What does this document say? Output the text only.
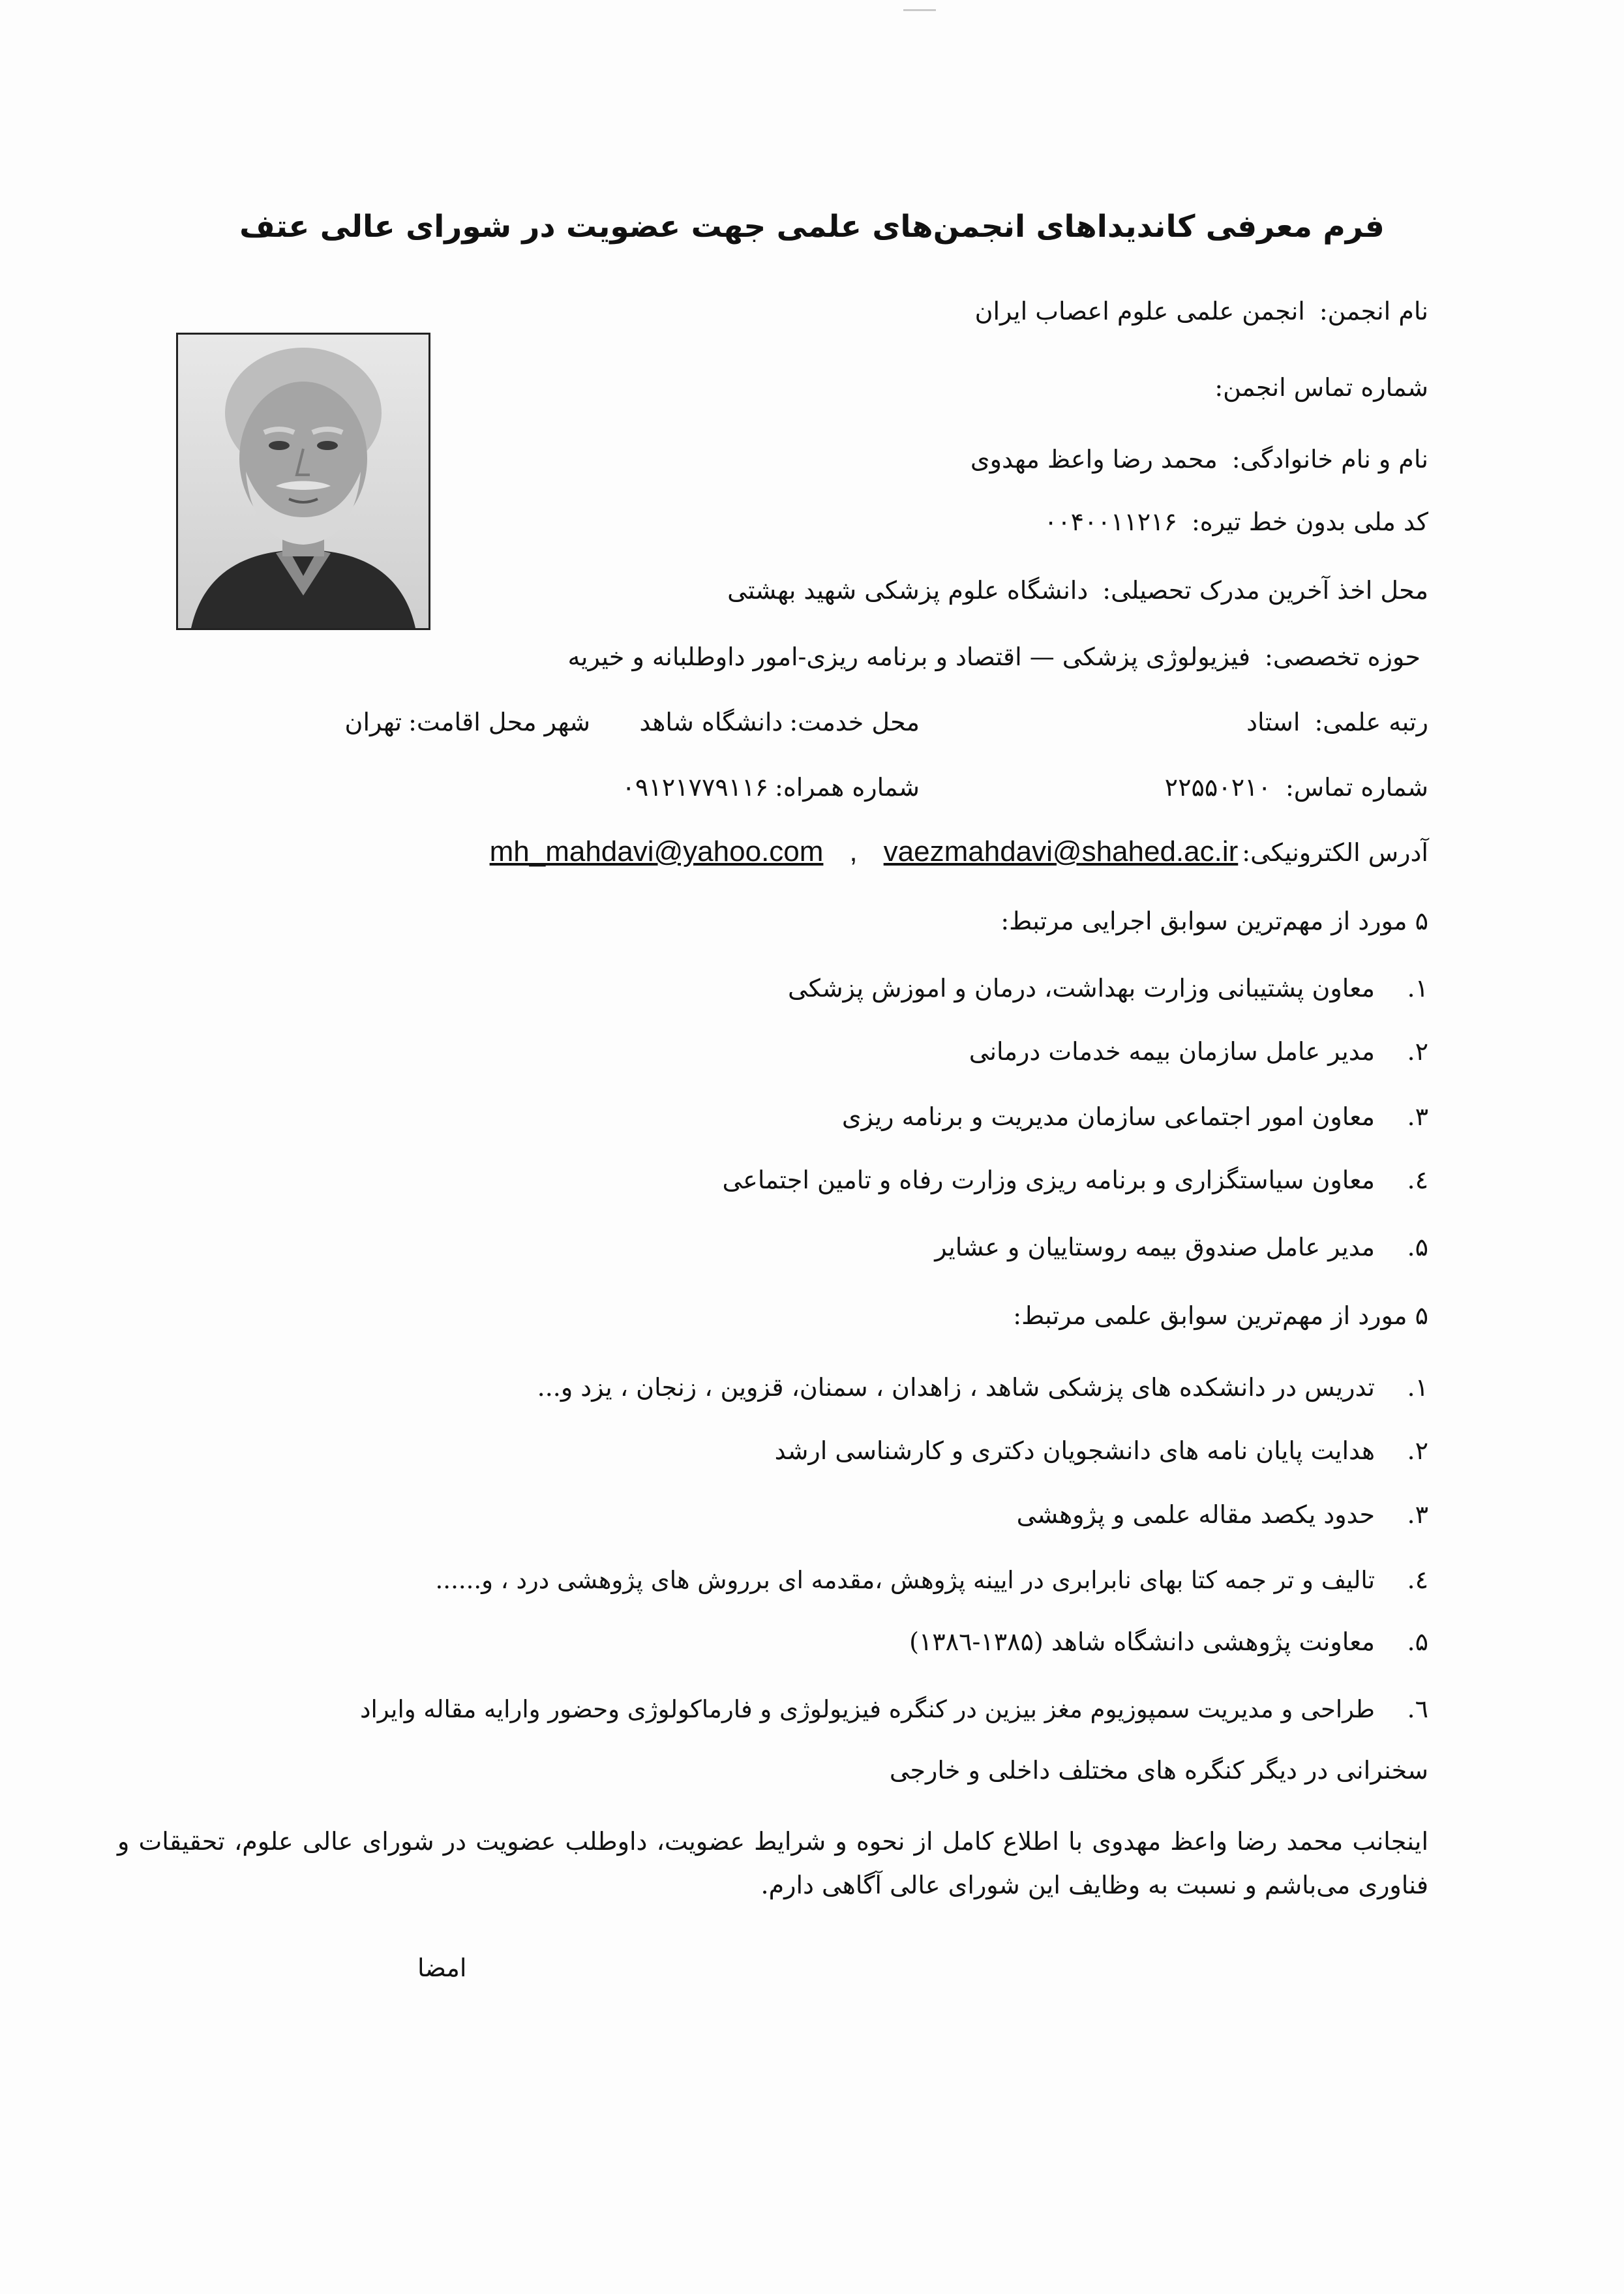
فرم معرفی کاندیداهای انجمن‌های علمی جهت عضویت در شورای عالی عتف
نام انجمن:انجمن علمی علوم اعصاب ایران
شماره تماس انجمن:
نام و نام خانوادگی:محمد رضا واعظ مهدوی
کد ملی بدون خط تیره:۰۰۴۰۰۱۱۲۱۶
محل اخذ آخرین مدرک تحصیلی:دانشگاه علوم پزشکی شهید بهشتی
حوزه تخصصی:فیزیولوژی پزشکی — اقتصاد و برنامه ریزی-امور داوطلبانه و خیریه
رتبه علمی:استاد
محل خدمت:دانشگاه شاهد
شهر محل اقامت:تهران
شماره تماس:۲۲۵۵۰۲۱۰
شماره همراه:۰۹۱۲۱۷۷۹۱۱۶
آدرس الکترونیکی:mh_mahdavi@yahoo.com , vaezmahdavi@shahed.ac.ir
۵ مورد از مهم‌ترین سوابق اجرایی مرتبط:
۱.معاون پشتیبانی وزارت بهداشت، درمان و اموزش پزشکی
۲.مدیر عامل سازمان بیمه خدمات درمانی
۳.معاون امور اجتماعی سازمان مدیریت و برنامه ریزی
٤.معاون سیاستگزاری و برنامه ریزی وزارت رفاه و تامین اجتماعی
۵.مدیر عامل صندوق بیمه روستاییان و عشایر
۵ مورد از مهم‌ترین سوابق علمی مرتبط:
۱.تدریس در دانشکده های پزشکی شاهد ، زاهدان ، سمنان، قزوین ، زنجان ، یزد و...
۲.هدایت پایان نامه های دانشجویان دکتری و کارشناسی ارشد
۳.حدود یکصد مقاله علمی و پژوهشی
٤.تالیف و تر جمه کتا بهای نابرابری در ایینه پژوهش ،مقدمه ای برروش های پژوهشی درد ، و......
۵.معاونت پژوهشی دانشگاه شاهد (۱۳۸۵-۱۳۸٦)
٦.طراحی و مدیریت سمپوزیوم مغز بیزین در کنگره فیزیولوژی و فارماکولوژی وحضور وارایه مقاله وایراد
سخنرانی در دیگر کنگره های مختلف داخلی و خارجی
اینجانب محمد رضا واعظ مهدوی با اطلاع کامل از نحوه و شرایط عضویت، داوطلب عضویت در شورای عالی علوم، تحقیقات و فناوری می‌باشم و نسبت به وظایف این شورای عالی آگاهی دارم.
امضا
